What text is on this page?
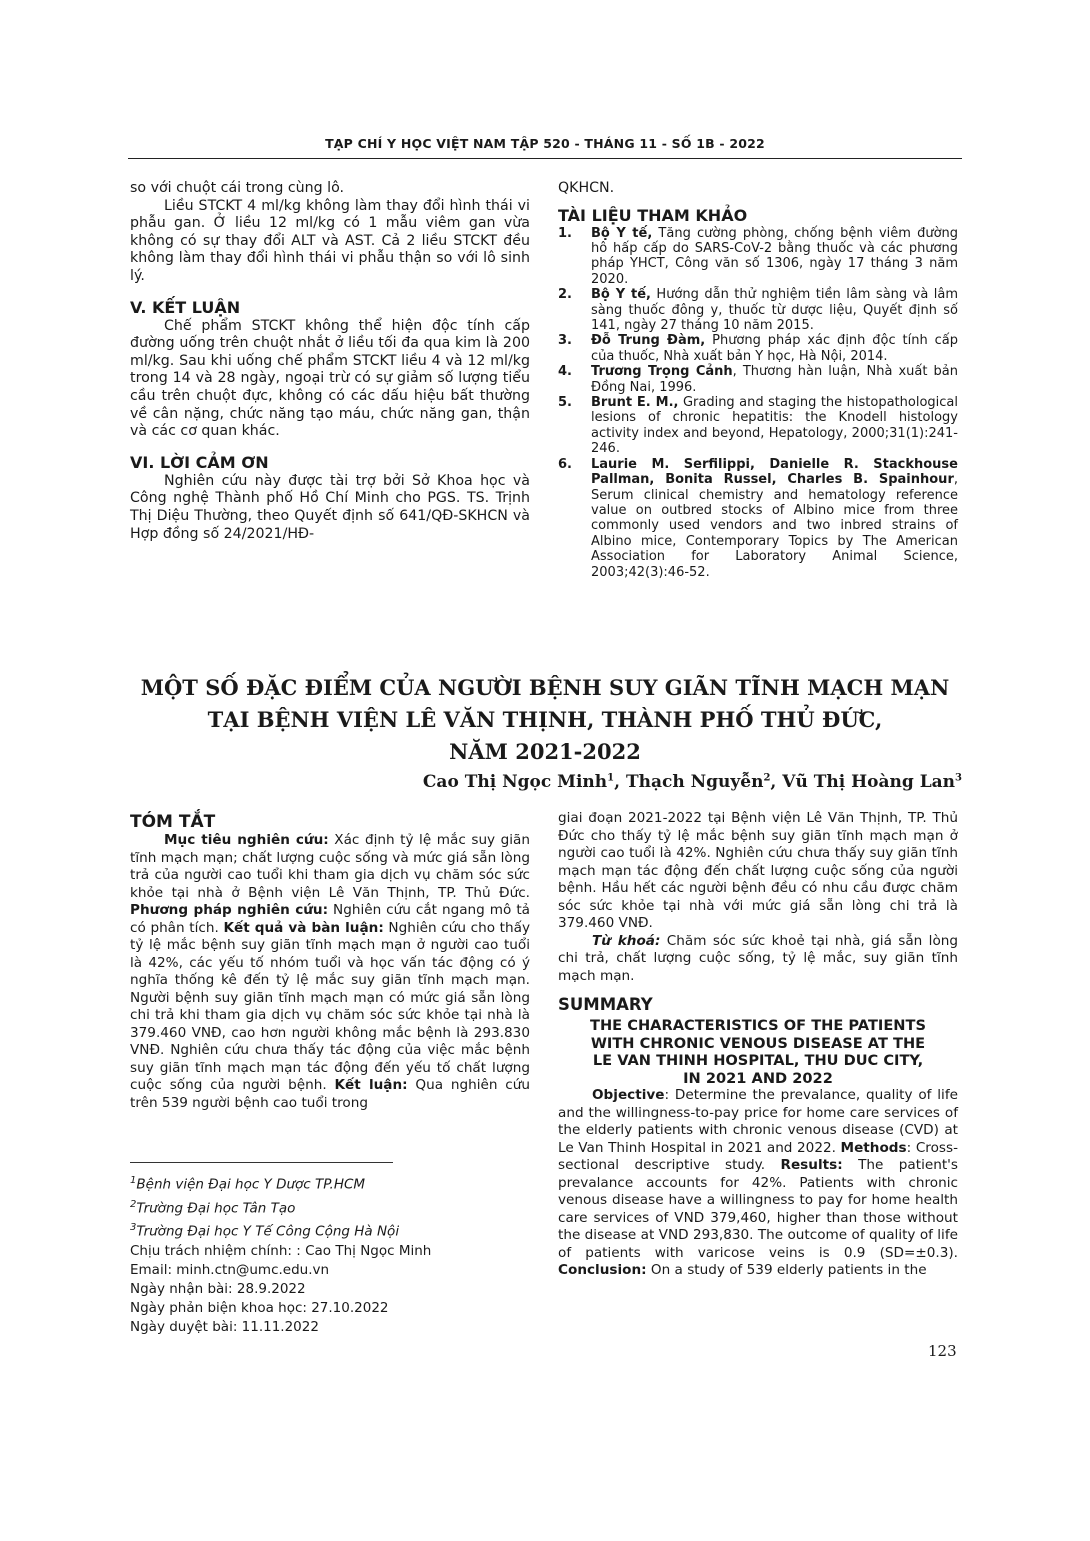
TẠP CHÍ Y HỌC VIỆT NAM TẬP 520 - THÁNG 11 - SỐ 1B - 2022

so với chuột cái trong cùng lô.

Liều STCKT 4 ml/kg không làm thay đổi hình thái vi phẫu gan. Ở liều 12 ml/kg có 1 mẫu viêm gan vừa không có sự thay đổi ALT và AST. Cả 2 liều STCKT đều không làm thay đổi hình thái vi phẫu thận so với lô sinh lý.

V. KẾT LUẬN

Chế phẩm STCKT không thể hiện độc tính cấp đường uống trên chuột nhắt ở liều tối đa qua kim là 200 ml/kg. Sau khi uống chế phẩm STCKT liều 4 và 12 ml/kg trong 14 và 28 ngày, ngoại trừ có sự giảm số lượng tiểu cầu trên chuột đực, không có các dấu hiệu bất thường về cân nặng, chức năng tạo máu, chức năng gan, thận và các cơ quan khác.

VI. LỜI CẢM ƠN

Nghiên cứu này được tài trợ bởi Sở Khoa học và Công nghệ Thành phố Hồ Chí Minh cho PGS. TS. Trịnh Thị Diệu Thường, theo Quyết định số 641/QĐ-SKHCN và Hợp đồng số 24/2021/HĐ-

QKHCN.
TÀI LIỆU THAM KHẢO
1.	Bộ Y tế, Tăng cường phòng, chống bệnh viêm đường hô hấp cấp do SARS-CoV-2 bằng thuốc và các phương pháp YHCT, Công văn số 1306, ngày 17 tháng 3 năm 2020.
2.	Bộ Y tế, Hướng dẫn thử nghiệm tiền lâm sàng và lâm sàng thuốc đông y, thuốc từ dược liệu, Quyết định số 141, ngày 27 tháng 10 năm 2015.
3.	Đỗ Trung Đàm, Phương pháp xác định độc tính cấp của thuốc, Nhà xuất bản Y học, Hà Nội, 2014.
4.	Trương Trọng Cảnh, Thương hàn luận, Nhà xuất bản Đồng Nai, 1996.
5.	Brunt E. M., Grading and staging the histopathological lesions of chronic hepatitis: the Knodell histology activity index and beyond, Hepatology, 2000;31(1):241-246.
6.	Laurie M. Serfilippi, Danielle R. Stackhouse Pallman, Bonita Russel, Charles B. Spainhour, Serum clinical chemistry and hematology reference value on outbred stocks of Albino mice from three commonly used vendors and two inbred strains of Albino mice, Contemporary Topics by The American Association for Laboratory Animal Science, 2003;42(3):46-52.
MỘT SỐ ĐẶC ĐIỂM CỦA NGƯỜI BỆNH SUY GIÃN TĨNH MẠCH MẠN
TẠI BỆNH VIỆN LÊ VĂN THỊNH, THÀNH PHỐ THỦ ĐỨC,
NĂM 2021-2022
Cao Thị Ngọc Minh$^1$, Thạch Nguyễn$^2$, Vũ Thị Hoàng Lan$^3$
TÓM TẮT

Mục tiêu nghiên cứu: Xác định tỷ lệ mắc suy giãn tĩnh mạch mạn; chất lượng cuộc sống và mức giá sẵn lòng trả của người cao tuổi khi tham gia dịch vụ chăm sóc sức khỏe tại nhà ở Bệnh viện Lê Văn Thịnh, TP. Thủ Đức. Phương pháp nghiên cứu: Nghiên cứu cắt ngang mô tả có phân tích. Kết quả và bàn luận: Nghiên cứu cho thấy tỷ lệ mắc bệnh suy giãn tĩnh mạch mạn ở người cao tuổi là 42%, các yếu tố nhóm tuổi và học vấn tác động có ý nghĩa thống kê đến tỷ lệ mắc suy giãn tĩnh mạch mạn. Người bệnh suy giãn tĩnh mạch mạn có mức giá sẵn lòng chi trả khi tham gia dịch vụ chăm sóc sức khỏe tại nhà là 379.460 VNĐ, cao hơn người không mắc bệnh là 293.830 VNĐ. Nghiên cứu chưa thấy tác động của việc mắc bệnh suy giãn tĩnh mạch mạn tác động đến yếu tố chất lượng cuộc sống của người bệnh. Kết luận: Qua nghiên cứu trên 539 người bệnh cao tuổi trong

$^1$Bệnh viện Đại học Y Dược TP.HCM
$^2$Trường Đại học Tân Tạo
$^3$Trường Đại học Y Tế Công Cộng Hà Nội
Chịu trách nhiệm chính: : Cao Thị Ngọc Minh
Email: minh.ctn@umc.edu.vn
Ngày nhận bài: 28.9.2022
Ngày phản biện khoa học: 27.10.2022
Ngày duyệt bài: 11.11.2022

giai đoạn 2021-2022 tại Bệnh viện Lê Văn Thịnh, TP. Thủ Đức cho thấy tỷ lệ mắc bệnh suy giãn tĩnh mạch mạn ở người cao tuổi là 42%. Nghiên cứu chưa thấy suy giãn tĩnh mạch mạn tác động đến chất lượng cuộc sống của người bệnh. Hầu hết các người bệnh đều có nhu cầu được chăm sóc sức khỏe tại nhà với mức giá sẵn lòng chi trả là 379.460 VNĐ.

Từ khoá: Chăm sóc sức khoẻ tại nhà, giá sẵn lòng chi trả, chất lượng cuộc sống, tỷ lệ mắc, suy giãn tĩnh mạch mạn.

SUMMARY
THE CHARACTERISTICS OF THE PATIENTS
WITH CHRONIC VENOUS DISEASE AT THE
LE VAN THINH HOSPITAL, THU DUC CITY,
IN 2021 AND 2022

Objective: Determine the prevalance, quality of life and the willingness-to-pay price for home care services of the elderly patients with chronic venous disease (CVD) at Le Van Thinh Hospital in 2021 and 2022. Methods: Cross-sectional descriptive study. Results: The patient's prevalance accounts for 42%. Patients with chronic venous disease have a willingness to pay for home health care services of VND 379,460, higher than those without the disease at VND 293,830. The outcome of quality of life of patients with varicose veins is 0.9 (SD=±0.3). Conclusion: On a study of 539 elderly patients in the

123
